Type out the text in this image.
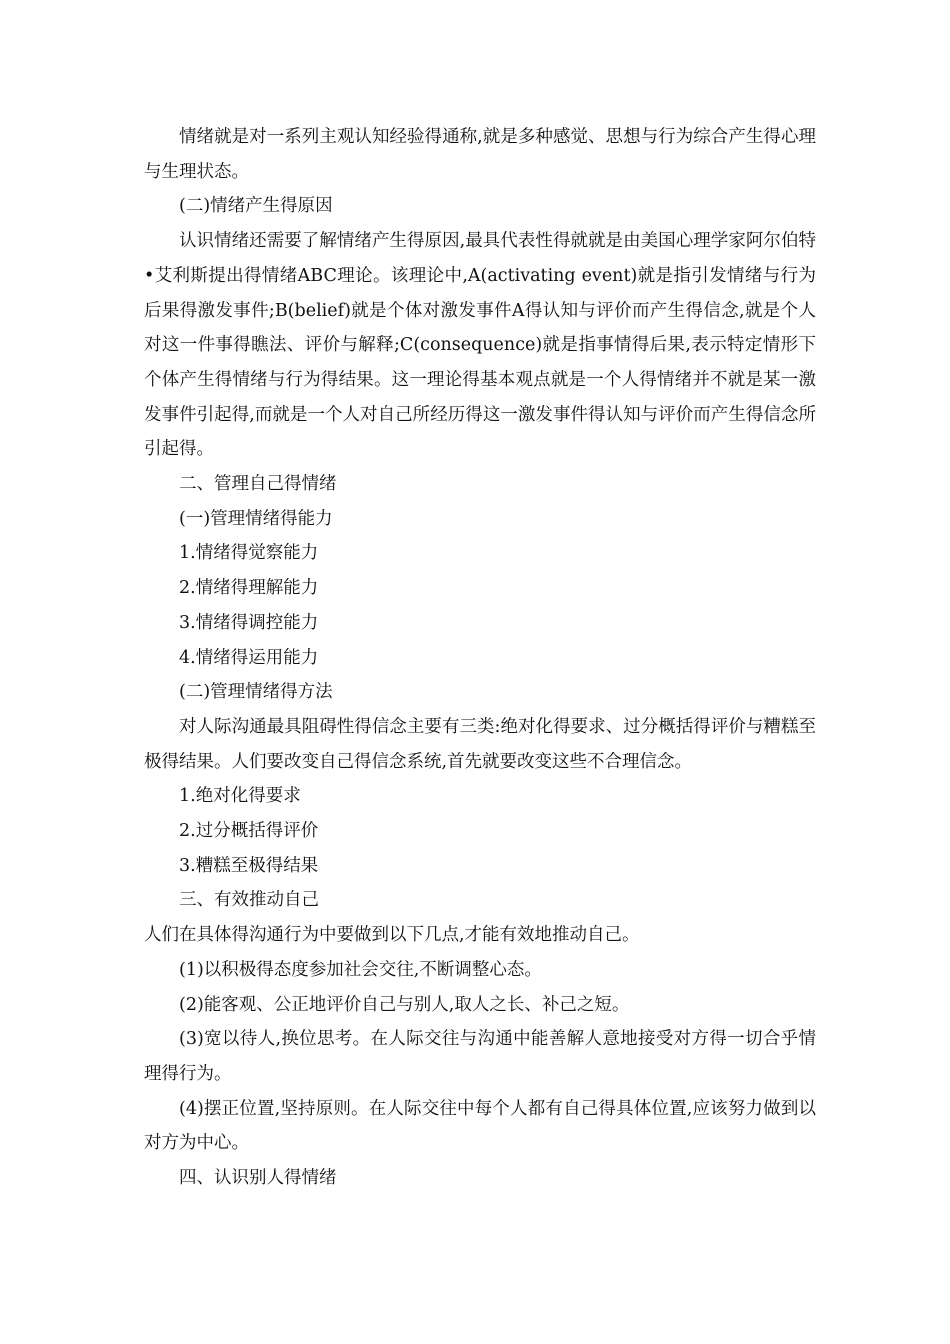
情绪就是对一系列主观认知经验得通称,就是多种感觉、思想与行为综合产生得心理与生理状态。

(二)情绪产生得原因

认识情绪还需要了解情绪产生得原因,最具代表性得就就是由美国心理学家阿尔伯特•艾利斯提出得情绪ABC理论。该理论中,A(activating event)就是指引发情绪与行为后果得激发事件;B(belief)就是个体对激发事件A得认知与评价而产生得信念,就是个人对这一件事得瞧法、评价与解释;C(consequence)就是指事情得后果,表示特定情形下个体产生得情绪与行为得结果。这一理论得基本观点就是一个人得情绪并不就是某一激发事件引起得,而就是一个人对自己所经历得这一激发事件得认知与评价而产生得信念所引起得。

二、管理自己得情绪

(一)管理情绪得能力

1.情绪得觉察能力

2.情绪得理解能力

3.情绪得调控能力

4.情绪得运用能力

(二)管理情绪得方法

对人际沟通最具阻碍性得信念主要有三类:绝对化得要求、过分概括得评价与糟糕至极得结果。人们要改变自己得信念系统,首先就要改变这些不合理信念。

1.绝对化得要求

2.过分概括得评价

3.糟糕至极得结果

三、有效推动自己

人们在具体得沟通行为中要做到以下几点,才能有效地推动自己。

(1)以积极得态度参加社会交往,不断调整心态。

(2)能客观、公正地评价自己与别人,取人之长、补己之短。

(3)宽以待人,换位思考。在人际交往与沟通中能善解人意地接受对方得一切合乎情理得行为。

(4)摆正位置,坚持原则。在人际交往中每个人都有自己得具体位置,应该努力做到以对方为中心。

四、认识别人得情绪
